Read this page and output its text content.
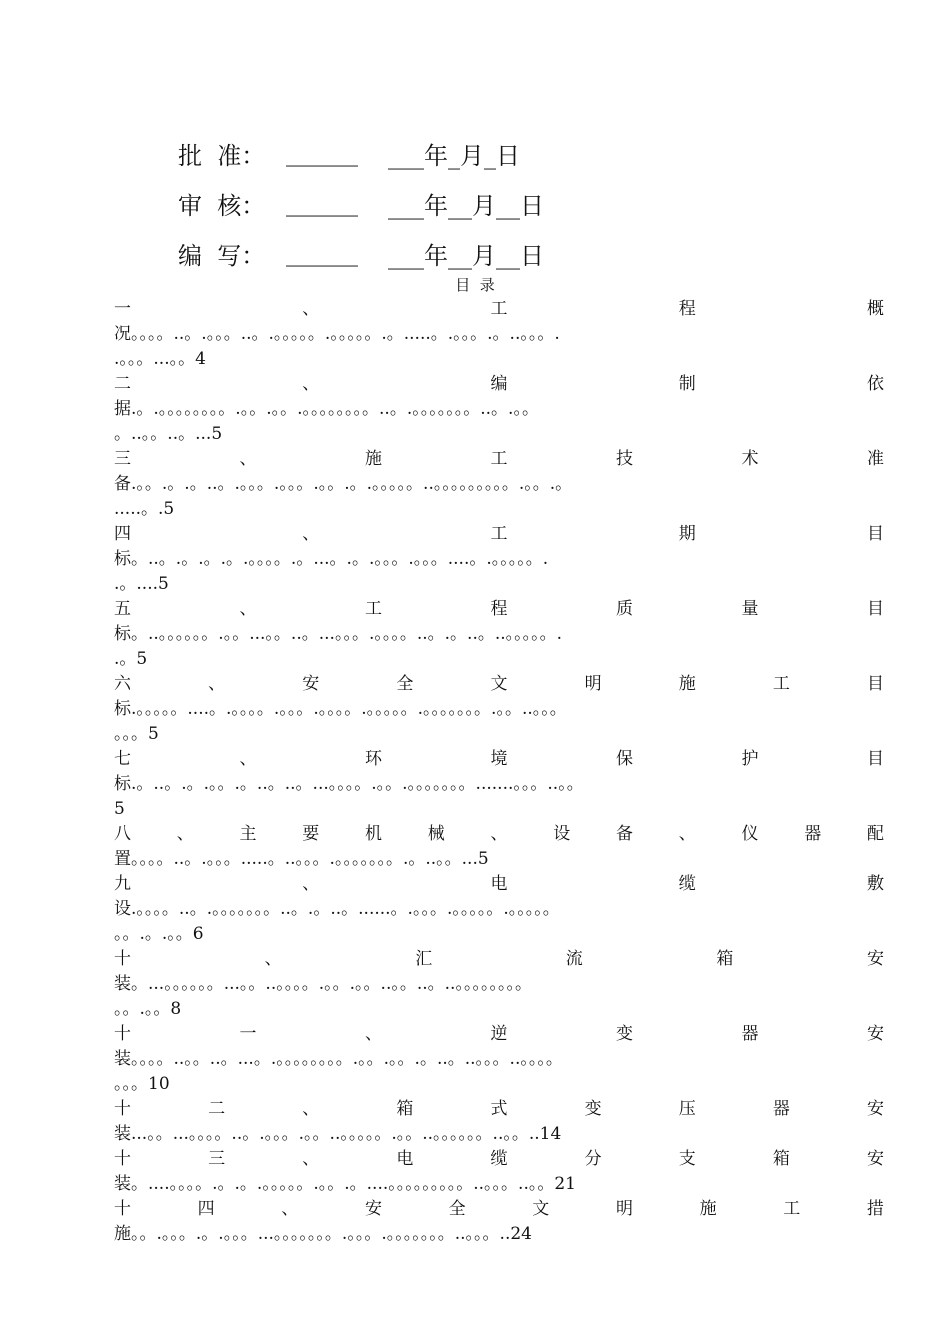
批  准： ______	___年_月_日
审  核： ______	___年__月__日
编  写： ______	___年__月__日
目  录
一	、	工	程	概
况。。。。..。.。。。..。.。。。。。.。。。。。.。.....。.。。。.。..。。。.
.。。。...。。4
二	、	编	制	依
据.。.。。。。。。。。.。。.。。.。。。。。。。。..。.。。。。。。。..。.。。
。..。。..。...5
三	、	施	工	技	术	准
备.。。.。.。..。.。。。.。。。.。。.。.。。。。。..。。。。。。。。。.。。.。
.....。.5
四	、	工	期	目
标。..。.。.。.。.。。。。.。...。.。.。。。.。。。....。.。。。。。.
.。....5
五	、	工	程	质	量	目
标。..。。。。。。.。。...。。..。...。。。.。。。。..。.。..。..。。。。。.
.。5
六	、	安	全	文	明	施	工	目
标.。。。。。....。.。。。。.。。。.。。。。.。。。。。.。。。。。。。.。。..。。。
。。。5
七	、	环	境	保	护	目
标.。..。.。.。。.。..。..。...。。。。.。。.。。。。。。。.......。。。..。。
5
八	、	主	要	机	械	、	设	备	、	仪	器	配
置。。。。..。.。。。.....。..。。。.。。。。。。。.。..。。...5
九	、	电	缆	敷
设.。。。。..。.。。。。。。。..。.。..。......。.。。。.。。。。。.。。。。。
。。.。.。。6
十	、	汇	流	箱	安
装。...。。。。。。...。。..。。。。.。。.。。..。。..。..。。。。。。。。
。。.。。8
十	一	、	逆	变	器	安
装。。。。..。。..。...。.。。。。。。。。.。。.。。.。..。..。。。..。。。。
。。。10
十	二	、	箱	式	变	压	器	安
装...。。...。。。。..。.。。。.。。..。。。。。.。。..。。。。。。..。。..14
十	三	、	电	缆	分	支	箱	安
装。....。。。。.。.。.。。。。。.。。.。....。。。。。。。。。..。。。..。。21
十	四	、	安	全	文	明	施	工	措
施。。.。。。.。.。。。...。。。。。。。.。。。.。。。。。。。..。。。..24
